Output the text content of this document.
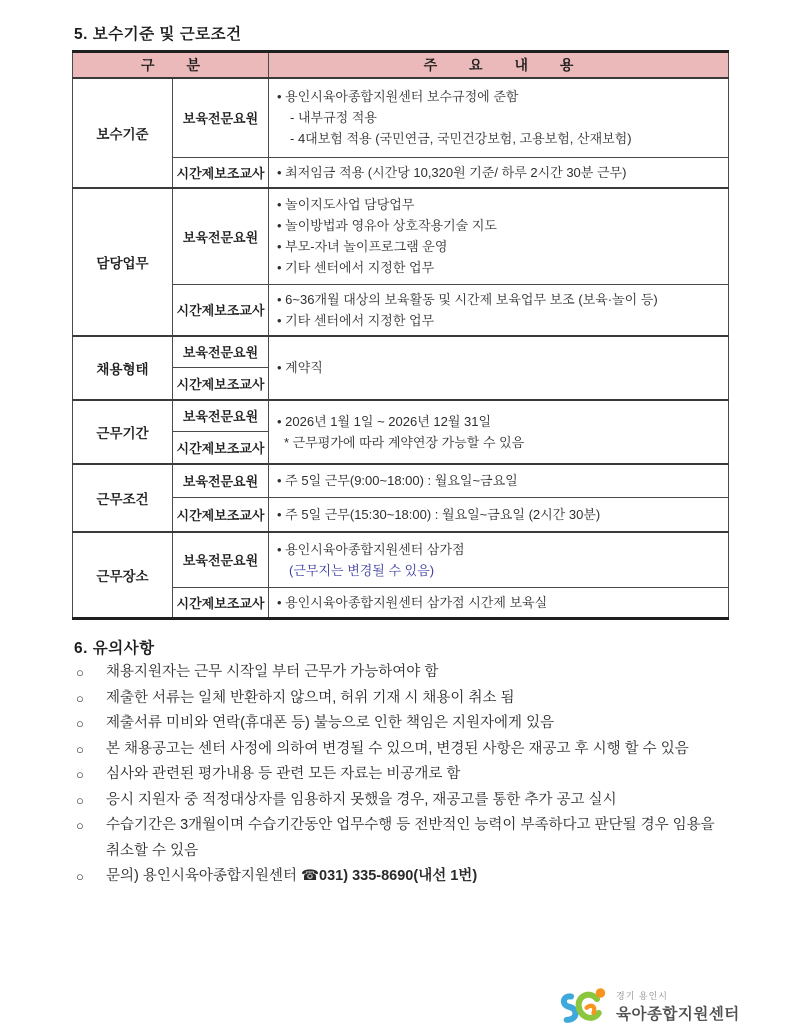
5. 보수기준 및 근로조건
구 분		주 요 내 용
보수기준	보육전문요원	• 용인시육아종합지원센터 보수규정에 준함
- 내부규정 적용
- 4대보험 적용 (국민연금, 국민건강보험, 고용보험, 산재보험)

	시간제보조교사	• 최저임금 적용 (시간당 10,320원 기준/ 하루 2시간 30분 근무)

담당업무	보육전문요원	• 놀이지도사업 담당업무
• 놀이방법과 영유아 상호작용기술 지도
• 부모-자녀 놀이프로그램 운영
• 기타 센터에서 지정한 업무

	시간제보조교사	• 6~36개월 대상의 보육활동 및 시간제 보육업무 보조 (보육·놀이 등)
• 기타 센터에서 지정한 업무

채용형태	보육전문요원	• 계약직

	시간제보조교사	
근무기간	보육전문요원	• 2026년 1월 1일 ~ 2026년 12월 31일
* 근무평가에 따라 계약연장 가능할 수 있음

	시간제보조교사	
근무조건	보육전문요원	• 주 5일 근무(9:00~18:00) : 월요일~금요일

	시간제보조교사	• 주 5일 근무(15:30~18:00) : 월요일~금요일 (2시간 30분)

근무장소	보육전문요원	• 용인시육아종합지원센터 삼가점
(근무지는 변경될 수 있음)

	시간제보조교사	• 용인시육아종합지원센터 삼가점 시간제 보육실
6. 유의사항
○	채용지원자는 근무 시작일 부터 근무가 가능하여야 함
○	제출한 서류는 일체 반환하지 않으며, 허위 기재 시 채용이 취소 됨
○	제출서류 미비와 연락(휴대폰 등) 불능으로 인한 책임은 지원자에게 있음
○	본 채용공고는 센터 사정에 의하여 변경될 수 있으며, 변경된 사항은 재공고 후 시행 할 수 있음
○	심사와 관련된 평가내용 등 관련 모든 자료는 비공개로 함
○	응시 지원자 중 적정대상자를 임용하지 못했을 경우, 재공고를 통한 추가 공고 실시
○	수습기간은 3개월이며 수습기간동안 업무수행 등 전반적인 능력이 부족하다고 판단될 경우 임용을 취소할 수 있음
○	문의) 용인시육아종합지원센터 ☎031) 335-8690(내선 1번)
경기 용인시
육아종합지원센터
